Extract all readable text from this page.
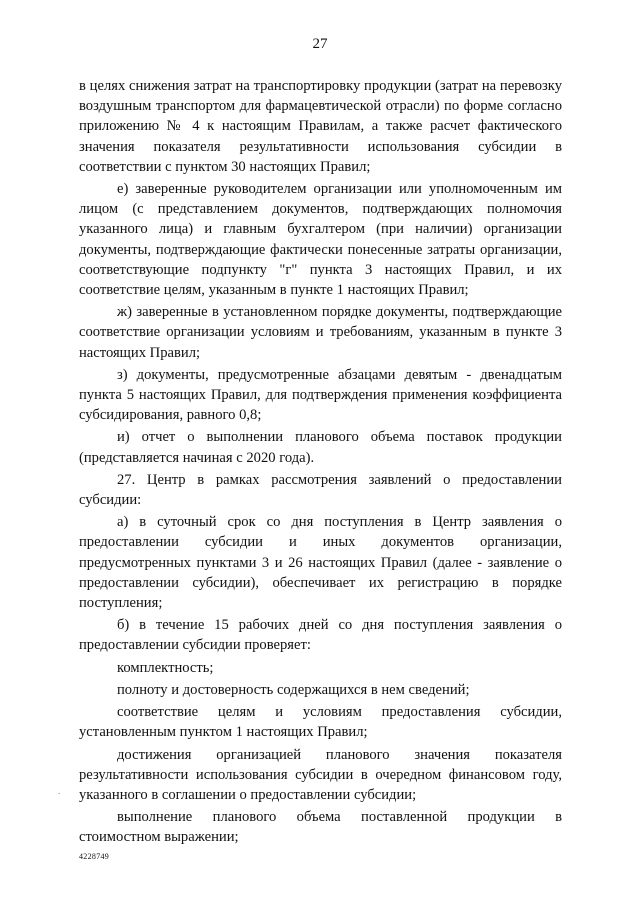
27

в целях снижения затрат на транспортировку продукции (затрат на перевозку воздушным транспортом для фармацевтической отрасли) по форме согласно приложению № 4 к настоящим Правилам, а также расчет фактического значения показателя результативности использования субсидии в соответствии с пунктом 30 настоящих Правил;

е) заверенные руководителем организации или уполномоченным им лицом (с представлением документов, подтверждающих полномочия указанного лица) и главным бухгалтером (при наличии) организации документы, подтверждающие фактически понесенные затраты организации, соответствующие подпункту "г" пункта 3 настоящих Правил, и их соответствие целям, указанным в пункте 1 настоящих Правил;

ж) заверенные в установленном порядке документы, подтверждающие соответствие организации условиям и требованиям, указанным в пункте 3 настоящих Правил;

з) документы, предусмотренные абзацами девятым - двенадцатым пункта 5 настоящих Правил, для подтверждения применения коэффициента субсидирования, равного 0,8;

и) отчет о выполнении планового объема поставок продукции (представляется начиная с 2020 года).

27. Центр в рамках рассмотрения заявлений о предоставлении субсидии:

а) в суточный срок со дня поступления в Центр заявления о предоставлении субсидии и иных документов организации, предусмотренных пунктами 3 и 26 настоящих Правил (далее - заявление о предоставлении субсидии), обеспечивает их регистрацию в порядке поступления;

б) в течение 15 рабочих дней со дня поступления заявления о предоставлении субсидии проверяет:

комплектность;

полноту и достоверность содержащихся в нем сведений;

соответствие целям и условиям предоставления субсидии, установленным пунктом 1 настоящих Правил;

достижения организацией планового значения показателя результативности использования субсидии в очередном финансовом году, указанного в соглашении о предоставлении субсидии;

выполнение планового объема поставленной продукции в стоимостном выражении;

.
4228749
